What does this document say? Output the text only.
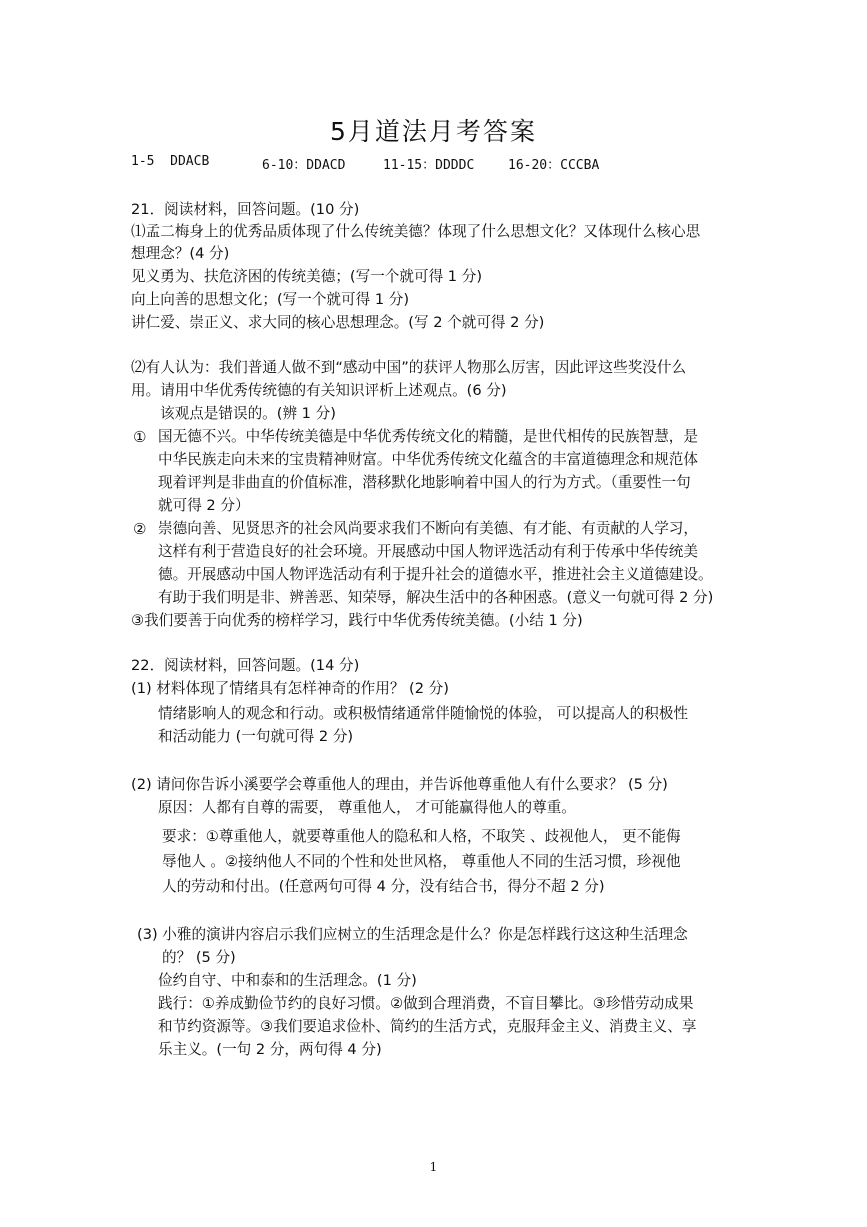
5月道法月考答案
1-5  DDACB	6-10：DDACD	11-15：DDDDC	16-20：CCCBA
21．阅读材料，回答问题。(10 分)
⑴孟二梅身上的优秀品质体现了什么传统美德？体现了什么思想文化？又体现什么核心思
想理念？(4 分)
见义勇为、扶危济困的传统美德；(写一个就可得 1 分)
向上向善的思想文化；(写一个就可得 1 分)
讲仁爱、崇正义、求大同的核心思想理念。(写 2 个就可得 2 分)
⑵有人认为：我们普通人做不到“感动中国”的获评人物那么厉害，因此评这些奖没什么
用。请用中华优秀传统德的有关知识评析上述观点。(6 分)
该观点是错误的。(辨 1 分)
① 国无德不兴。中华传统美德是中华优秀传统文化的精髓，是世代相传的民族智慧，是
中华民族走向未来的宝贵精神财富。中华优秀传统文化蕴含的丰富道德理念和规范体
现着评判是非曲直的价值标准，潜移默化地影响着中国人的行为方式。（重要性一句
就可得 2 分）
② 崇德向善、见贤思齐的社会风尚要求我们不断向有美德、有才能、有贡献的人学习，
这样有利于营造良好的社会环境。开展感动中国人物评选活动有利于传承中华传统美
德。开展感动中国人物评选活动有利于提升社会的道德水平，推进社会主义道德建设。
有助于我们明是非、辨善恶、知荣辱，解决生活中的各种困惑。(意义一句就可得 2 分)
③我们要善于向优秀的榜样学习，践行中华优秀传统美德。(小结 1 分)
22．阅读材料，回答问题。(14 分)
(1) 材料体现了情绪具有怎样神奇的作用？ (2 分)
情绪影响人的观念和行动。或积极情绪通常伴随愉悦的体验， 可以提高人的积极性
和活动能力 (一句就可得 2 分)
(2) 请问你告诉小溪要学会尊重他人的理由，并告诉他尊重他人有什么要求？ (5 分)
原因：人都有自尊的需要， 尊重他人， 才可能赢得他人的尊重。
要求：①尊重他人，就要尊重他人的隐私和人格，不取笑 、歧视他人， 更不能侮
辱他人 。②接纳他人不同的个性和处世风格， 尊重他人不同的生活习惯，珍视他
人的劳动和付出。(任意两句可得 4 分，没有结合书，得分不超 2 分)
(3) 小雅的演讲内容启示我们应树立的生活理念是什么？你是怎样践行这这种生活理念
的？ (5 分)
俭约自守、中和泰和的生活理念。(1 分)
践行：①养成勤俭节约的良好习惯。②做到合理消费，不盲目攀比。③珍惜劳动成果
和节约资源等。③我们要追求俭朴、简约的生活方式，克服拜金主义、消费主义、享
乐主义。(一句 2 分，两句得 4 分)
1
